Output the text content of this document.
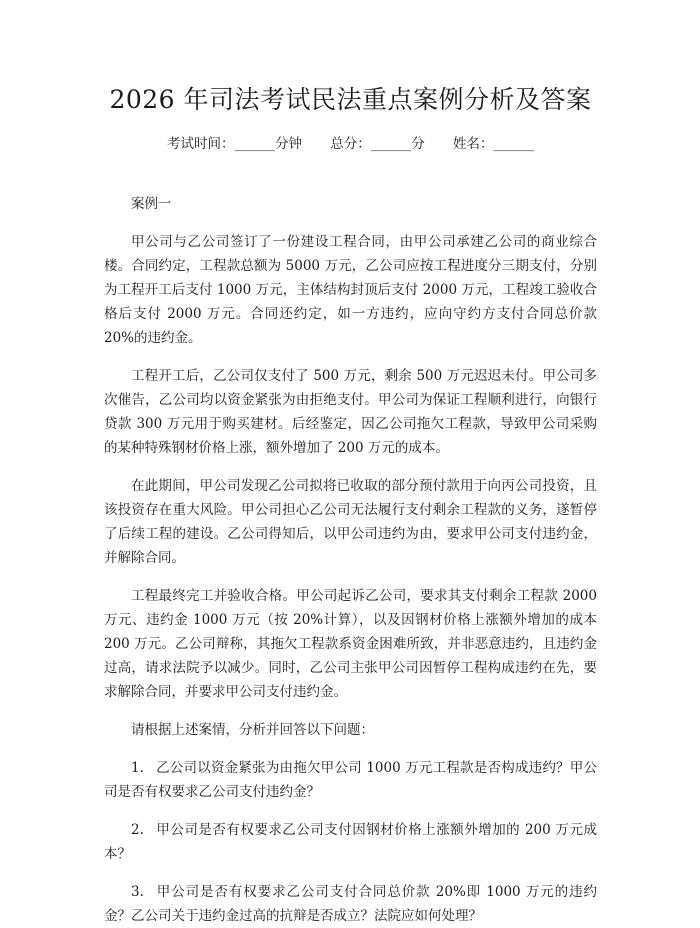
2026 年司法考试民法重点案例分析及答案
考试时间：______分钟 总分：______分 姓名：______
案例一

甲公司与乙公司签订了一份建设工程合同，由甲公司承建乙公司的商业综合楼。合同约定，工程款总额为 5000 万元，乙公司应按工程进度分三期支付，分别为工程开工后支付 1000 万元，主体结构封顶后支付 2000 万元，工程竣工验收合格后支付 2000 万元。合同还约定，如一方违约，应向守约方支付合同总价款 20%的违约金。

工程开工后，乙公司仅支付了 500 万元，剩余 500 万元迟迟未付。甲公司多次催告，乙公司均以资金紧张为由拒绝支付。甲公司为保证工程顺利进行，向银行贷款 300 万元用于购买建材。后经鉴定，因乙公司拖欠工程款，导致甲公司采购的某种特殊钢材价格上涨，额外增加了 200 万元的成本。

在此期间，甲公司发现乙公司拟将已收取的部分预付款用于向丙公司投资，且该投资存在重大风险。甲公司担心乙公司无法履行支付剩余工程款的义务，遂暂停了后续工程的建设。乙公司得知后，以甲公司违约为由，要求甲公司支付违约金，并解除合同。

工程最终完工并验收合格。甲公司起诉乙公司，要求其支付剩余工程款 2000 万元、违约金 1000 万元（按 20%计算），以及因钢材价格上涨额外增加的成本 200 万元。乙公司辩称，其拖欠工程款系资金困难所致，并非恶意违约，且违约金过高，请求法院予以减少。同时，乙公司主张甲公司因暂停工程构成违约在先，要求解除合同，并要求甲公司支付违约金。

请根据上述案情，分析并回答以下问题：

1. 乙公司以资金紧张为由拖欠甲公司 1000 万元工程款是否构成违约？甲公司是否有权要求乙公司支付违约金？

2. 甲公司是否有权要求乙公司支付因钢材价格上涨额外增加的 200 万元成本？

3. 甲公司是否有权要求乙公司支付合同总价款 20%即 1000 万元的违约金？乙公司关于违约金过高的抗辩是否成立？法院应如何处理？
